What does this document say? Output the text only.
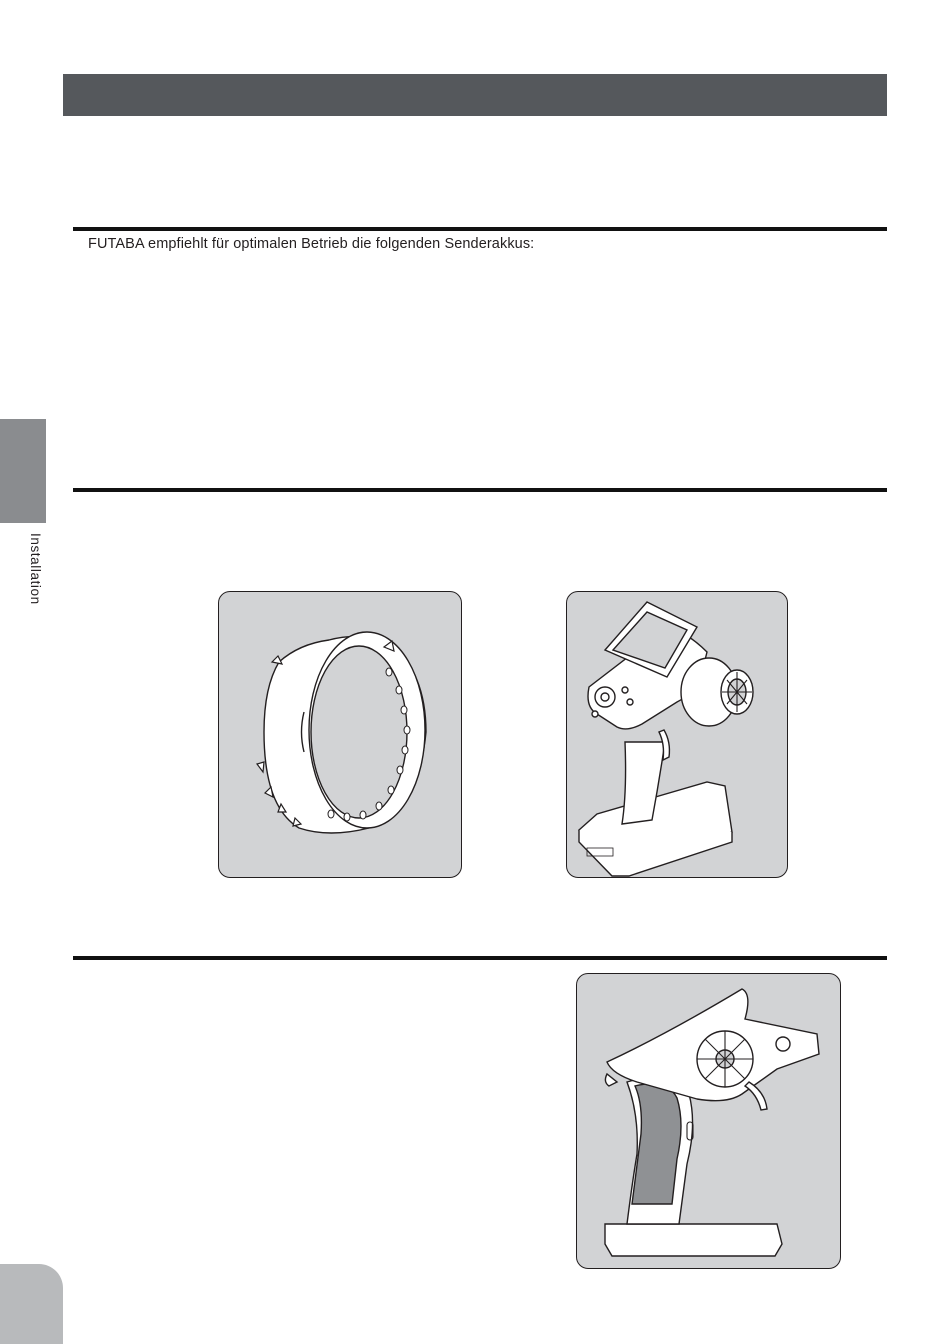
FUTABA empfiehlt für optimalen Betrieb die folgenden Senderakkus:
Installation
